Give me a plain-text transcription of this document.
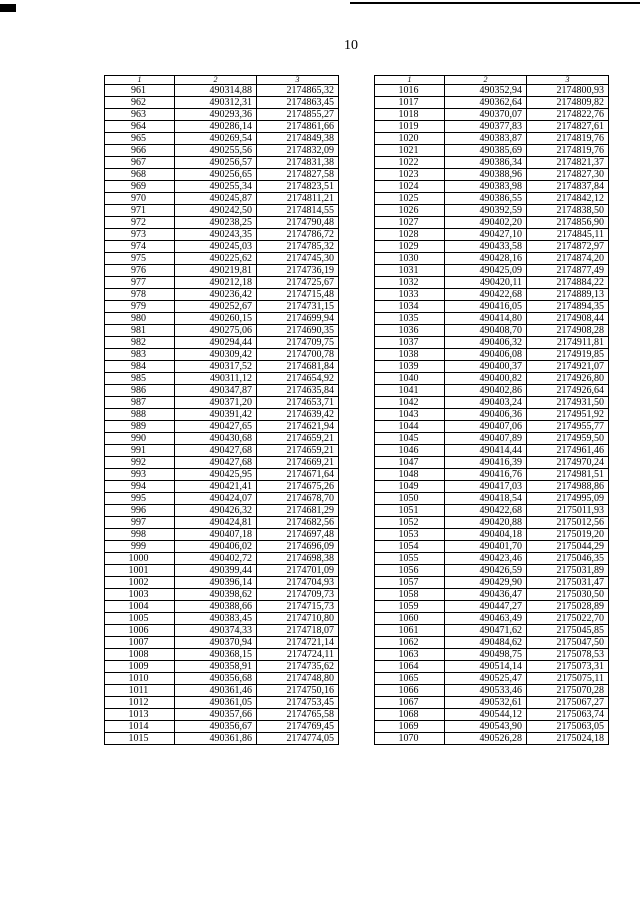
10
1	2	3
961	490314,88	2174865,32
962	490312,31	2174863,45
963	490293,36	2174855,27
964	490286,14	2174861,66
965	490269,54	2174849,38
966	490255,56	2174832,09
967	490256,57	2174831,38
968	490256,65	2174827,58
969	490255,34	2174823,51
970	490245,87	2174811,21
971	490242,50	2174814,55
972	490238,25	2174790,48
973	490243,35	2174786,72
974	490245,03	2174785,32
975	490225,62	2174745,30
976	490219,81	2174736,19
977	490212,18	2174725,67
978	490236,42	2174715,48
979	490252,67	2174731,15
980	490260,15	2174699,94
981	490275,06	2174690,35
982	490294,44	2174709,75
983	490309,42	2174700,78
984	490317,52	2174681,84
985	490311,12	2174654,92
986	490347,87	2174635,84
987	490371,20	2174653,71
988	490391,42	2174639,42
989	490427,65	2174621,94
990	490430,68	2174659,21
991	490427,68	2174659,21
992	490427,68	2174669,21
993	490425,95	2174671,64
994	490421,41	2174675,26
995	490424,07	2174678,70
996	490426,32	2174681,29
997	490424,81	2174682,56
998	490407,18	2174697,48
999	490406,02	2174696,09
1000	490402,72	2174698,38
1001	490399,44	2174701,09
1002	490396,14	2174704,93
1003	490398,62	2174709,73
1004	490388,66	2174715,73
1005	490383,45	2174710,80
1006	490374,33	2174718,07
1007	490370,94	2174721,14
1008	490368,15	2174724,11
1009	490358,91	2174735,62
1010	490356,68	2174748,80
1011	490361,46	2174750,16
1012	490361,05	2174753,45
1013	490357,66	2174765,58
1014	490356,67	2174769,45
1015	490361,86	2174774,05
1	2	3
1016	490352,94	2174800,93
1017	490362,64	2174809,82
1018	490370,07	2174822,76
1019	490377,83	2174827,61
1020	490383,87	2174819,76
1021	490385,69	2174819,76
1022	490386,34	2174821,37
1023	490388,96	2174827,30
1024	490383,98	2174837,84
1025	490386,55	2174842,12
1026	490392,59	2174838,50
1027	490402,20	2174856,90
1028	490427,10	2174845,11
1029	490433,58	2174872,97
1030	490428,16	2174874,20
1031	490425,09	2174877,49
1032	490420,11	2174884,22
1033	490422,68	2174889,13
1034	490416,05	2174894,35
1035	490414,80	2174908,44
1036	490408,70	2174908,28
1037	490406,32	2174911,81
1038	490406,08	2174919,85
1039	490400,37	2174921,07
1040	490400,82	2174926,80
1041	490402,86	2174926,64
1042	490403,24	2174931,50
1043	490406,36	2174951,92
1044	490407,06	2174955,77
1045	490407,89	2174959,50
1046	490414,44	2174961,46
1047	490416,39	2174970,24
1048	490416,76	2174981,51
1049	490417,03	2174988,86
1050	490418,54	2174995,09
1051	490422,68	2175011,93
1052	490420,88	2175012,56
1053	490404,18	2175019,20
1054	490401,70	2175044,29
1055	490423,46	2175046,35
1056	490426,59	2175031,89
1057	490429,90	2175031,47
1058	490436,47	2175030,50
1059	490447,27	2175028,89
1060	490463,49	2175022,70
1061	490471,62	2175045,85
1062	490484,62	2175047,50
1063	490498,75	2175078,53
1064	490514,14	2175073,31
1065	490525,47	2175075,11
1066	490533,46	2175070,28
1067	490532,61	2175067,27
1068	490544,12	2175063,74
1069	490543,90	2175063,05
1070	490526,28	2175024,18
